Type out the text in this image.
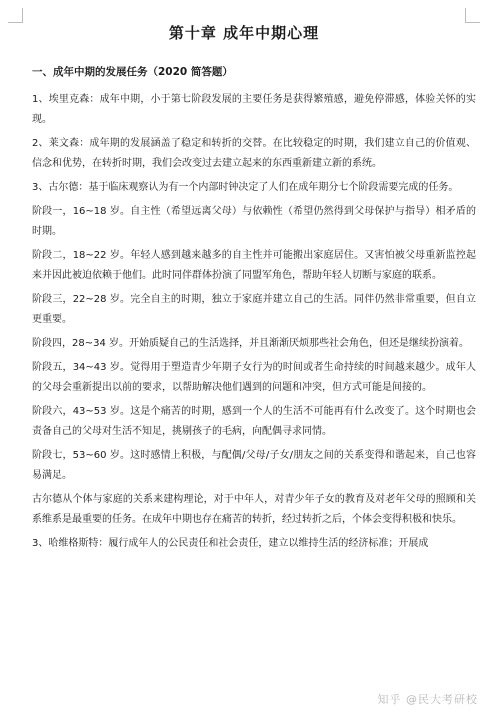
第十章 成年中期心理
一、成年中期的发展任务（2020 简答题）

1、埃里克森：成年中期，小于第七阶段发展的主要任务是获得繁殖感，避免停滞感，体验关怀的实现。

2、莱文森：成年期的发展涵盖了稳定和转折的交替。在比较稳定的时期，我们建立自己的价值观、信念和优势，在转折时期，我们会改变过去建立起来的东西重新建立新的系统。

3、古尔德：基于临床观察认为有一个内部时钟决定了人们在成年期分七个阶段需要完成的任务。

阶段一，16~18 岁。自主性（希望远离父母）与依赖性（希望仍然得到父母保护与指导）相矛盾的时期。

阶段二，18~22 岁。年轻人感到越来越多的自主性并可能搬出家庭居住。又害怕被父母重新监控起来并因此被迫依赖于他们。此时同伴群体扮演了同盟军角色，帮助年轻人切断与家庭的联系。

阶段三，22~28 岁。完全自主的时期，独立于家庭并建立自己的生活。同伴仍然非常重要，但自立更重要。

阶段四，28~34 岁。开始质疑自己的生活选择，并且渐渐厌烦那些社会角色，但还是继续扮演着。

阶段五，34~43 岁。觉得用于塑造青少年期子女行为的时间或者生命持续的时间越来越少。成年人的父母会重新提出以前的要求，以帮助解决他们遇到的问题和冲突，但方式可能是间接的。

阶段六，43~53 岁。这是个痛苦的时期，感到一个人的生活不可能再有什么改变了。这个时期也会责备自己的父母对生活不知足，挑剔孩子的毛病，向配偶寻求同情。

阶段七，53~60 岁。这时感情上积极，与配偶/父母/子女/朋友之间的关系变得和谐起来，自己也容易满足。

古尔德从个体与家庭的关系来建构理论，对于中年人，对青少年子女的教育及对老年父母的照顾和关系维系是最重要的任务。在成年中期也存在痛苦的转折，经过转折之后，个体会变得积极和快乐。

3、哈维格斯特：履行成年人的公民责任和社会责任，建立以维持生活的经济标准；开展成

知乎 @民大考研校
